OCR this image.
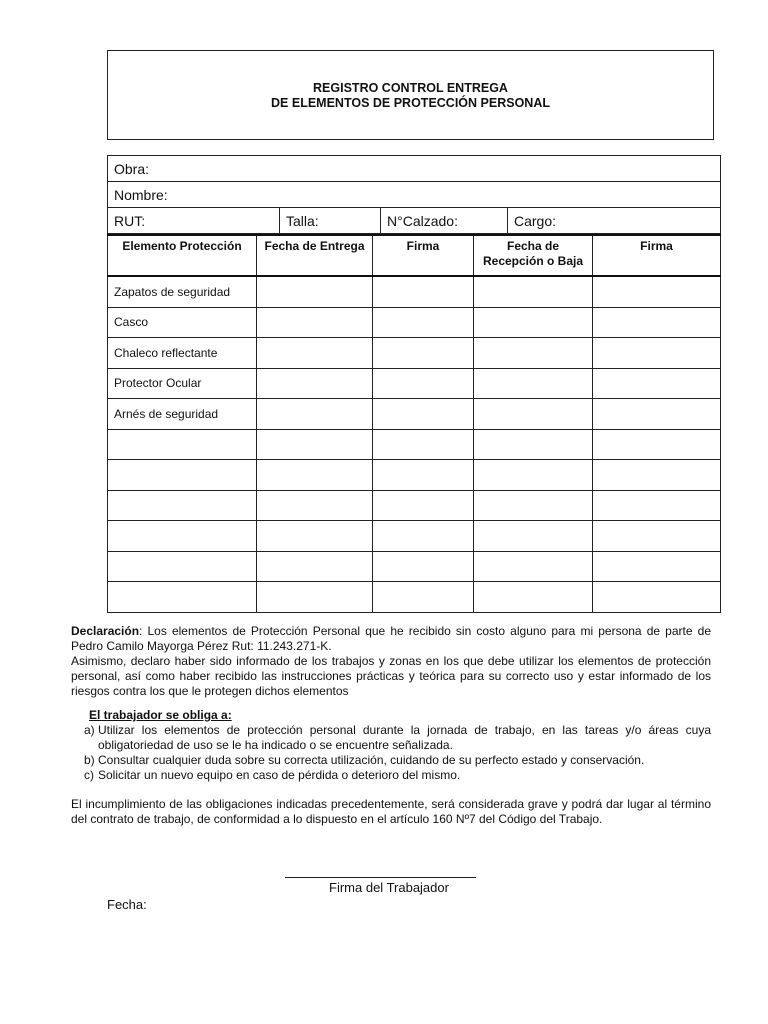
REGISTRO CONTROL ENTREGA
DE ELEMENTOS DE PROTECCIÓN PERSONAL
Obra:
Nombre:
RUT:	Talla:	N°Calzado:	Cargo:
Elemento Protección	Fecha de Entrega	Firma	Fecha de Recepción o Baja	Firma
Zapatos de seguridad				
Casco				
Chaleco reflectante				
Protector Ocular				
Arnés de seguridad				

Declaración: Los elementos de Protección Personal que he recibido sin costo alguno para mi persona de parte de Pedro Camilo Mayorga Pérez Rut: 11.243.271-K.

Asimismo, declaro haber sido informado de los trabajos y zonas en los que debe utilizar los elementos de protección personal, así como haber recibido las instrucciones prácticas y teórica para su correcto uso y estar informado de los riesgos contra los que le protegen dichos elementos

El trabajador se obliga a:

a) Utilizar los elementos de protección personal durante la jornada de trabajo, en las tareas y/o áreas cuya obligatoriedad de uso se le ha indicado o se encuentre señalizada.
b) Consultar cualquier duda sobre su correcta utilización, cuidando de su perfecto estado y conservación.
c) Solicitar un nuevo equipo en caso de pérdida o deterioro del mismo.

El incumplimiento de las obligaciones indicadas precedentemente, será considerada grave y podrá dar lugar al término del contrato de trabajo, de conformidad a lo dispuesto en el artículo 160 Nº7 del Código del Trabajo.

Firma del Trabajador
Fecha:
